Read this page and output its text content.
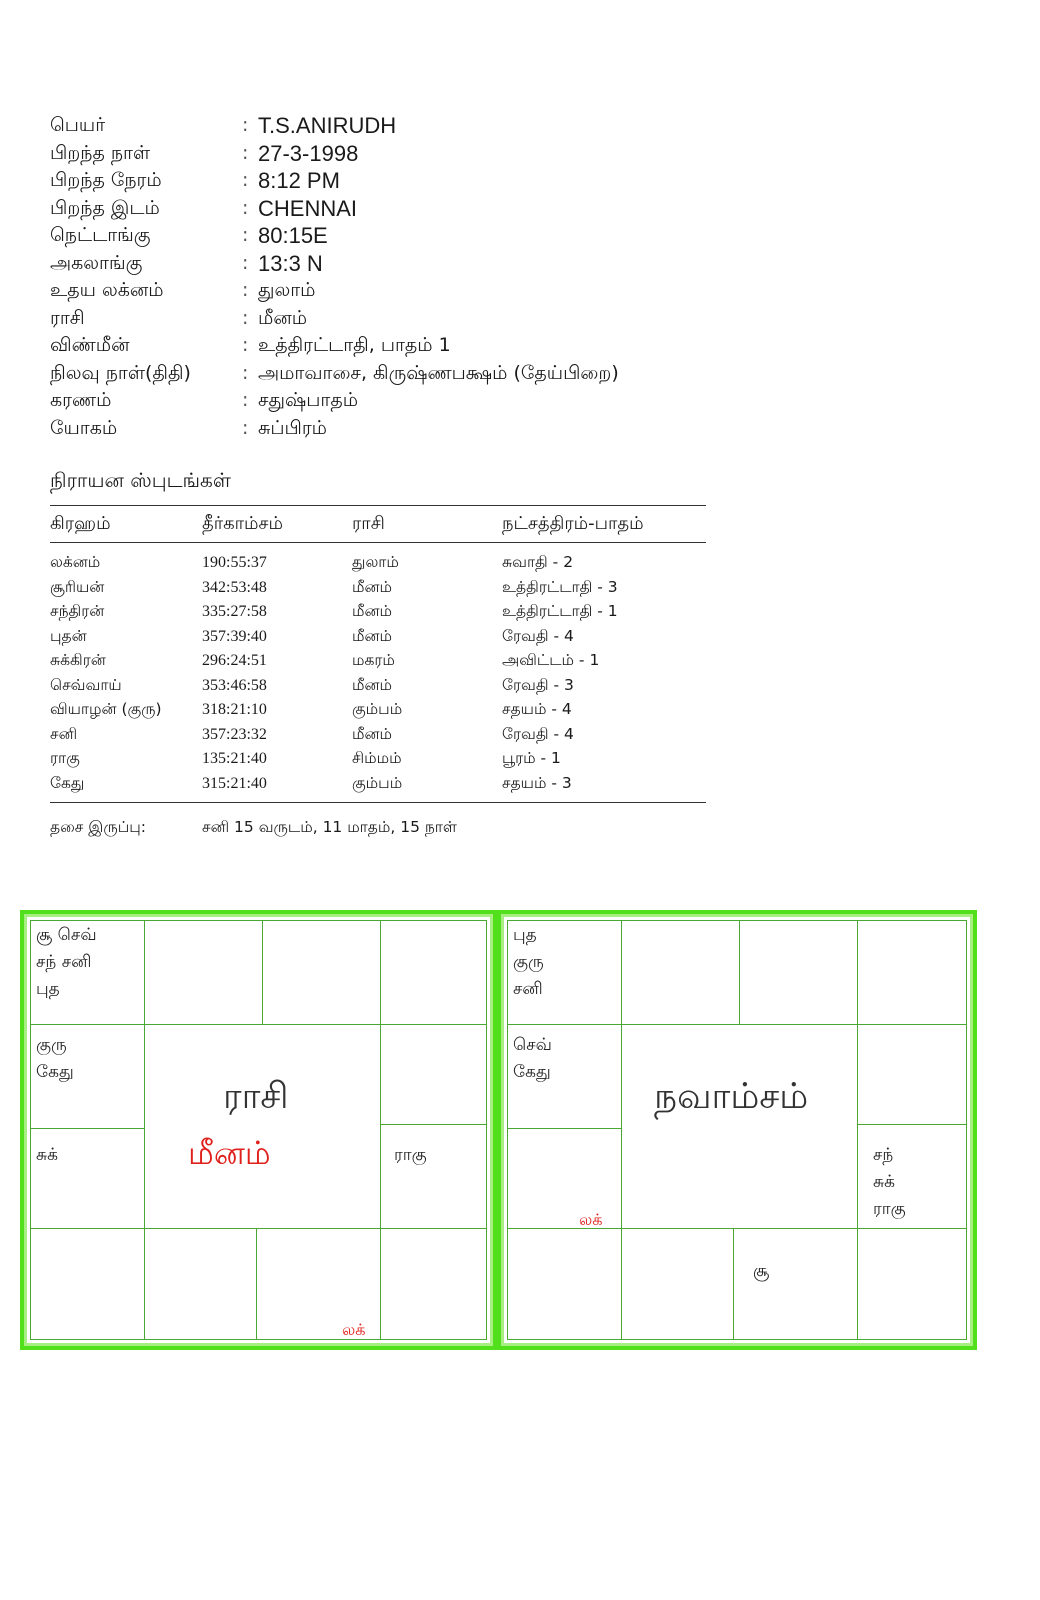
பெயர்	: T.S.ANIRUDH
பிறந்த நாள்	: 27-3-1998
பிறந்த நேரம்	: 8:12 PM
பிறந்த இடம்	: CHENNAI
நெட்டாங்கு	: 80:15E
அகலாங்கு	: 13:3 N
உதய லக்னம்	: துலாம்
ராசி	: மீனம்
விண்மீன்	: உத்திரட்டாதி, பாதம் 1
நிலவு நாள்(திதி)	: அமாவாசை, கிருஷ்ணபக்ஷம் (தேய்பிறை)
கரணம்	: சதுஷ்பாதம்
யோகம்	: சுப்பிரம்
நிராயன ஸ்புடங்கள்
கிரஹம்	தீர்காம்சம்	ராசி	நட்சத்திரம்-பாதம்
லக்னம்	190:55:37	துலாம்	சுவாதி - 2
சூரியன்	342:53:48	மீனம்	உத்திரட்டாதி - 3
சந்திரன்	335:27:58	மீனம்	உத்திரட்டாதி - 1
புதன்	357:39:40	மீனம்	ரேவதி - 4
சுக்கிரன்	296:24:51	மகரம்	அவிட்டம் - 1
செவ்வாய்	353:46:58	மீனம்	ரேவதி - 3
வியாழன் (குரு)	318:21:10	கும்பம்	சதயம் - 4
சனி	357:23:32	மீனம்	ரேவதி - 4
ராகு	135:21:40	சிம்மம்	பூரம் - 1
கேது	315:21:40	கும்பம்	சதயம் - 3
தசை இருப்பு:	சனி 15 வருடம், 11 மாதம், 15 நாள்
சூ செவ்
சந் சனி
புத
குரு
கேது
சுக்	ராகு
ராசி
மீனம்
லக்
புத
குரு
சனி
செவ்
கேது
சந்
சுக்
ராகு
சூ
நவாம்சம்
லக்
